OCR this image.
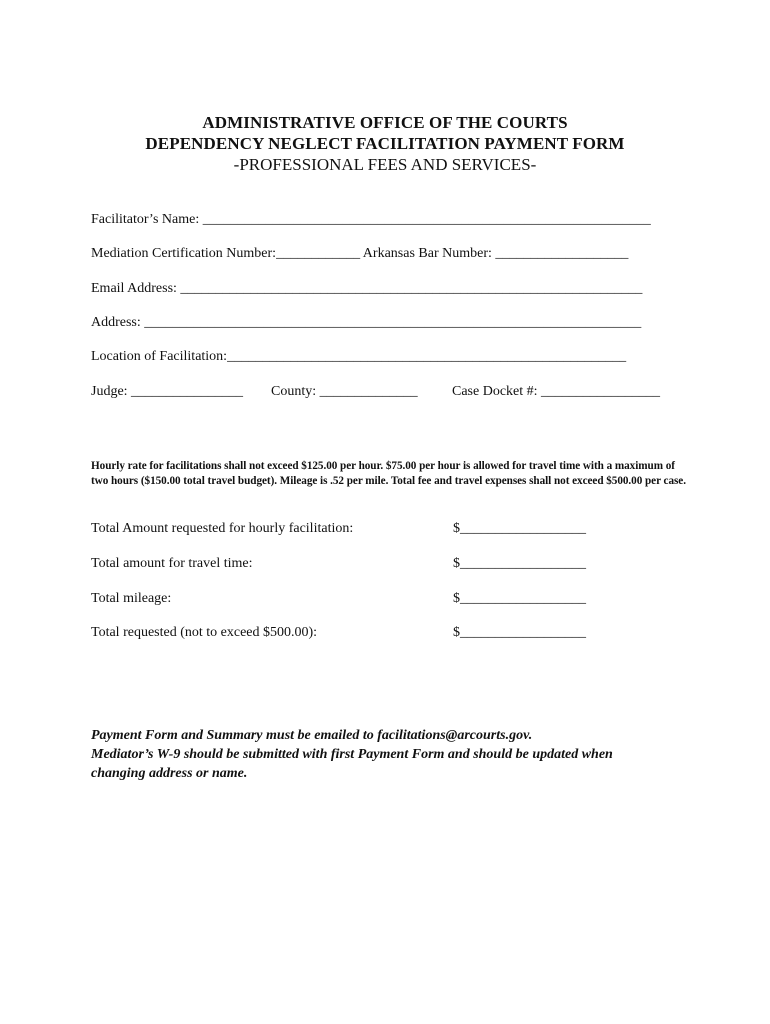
ADMINISTRATIVE OFFICE OF THE COURTS
DEPENDENCY NEGLECT FACILITATION PAYMENT FORM
-PROFESSIONAL FEES AND SERVICES-
Facilitator’s Name: ________________________________________________________________
Mediation Certification Number:____________ Arkansas Bar Number: ___________________
Email Address: __________________________________________________________________
Address: _______________________________________________________________________
Location of Facilitation:_________________________________________________________
Judge: ________________ County: ______________ Case Docket #: _________________
Hourly rate for facilitations shall not exceed $125.00 per hour. $75.00 per hour is allowed for travel time with a maximum of two hours ($150.00 total travel budget). Mileage is .52 per mile. Total fee and travel expenses shall not exceed $500.00 per case.
Total Amount requested for hourly facilitation:	$__________________
Total amount for travel time:	$__________________
Total mileage:	$__________________
Total requested (not to exceed $500.00):	$__________________
Payment Form and Summary must be emailed to facilitations@arcourts.gov.
Mediator’s W-9 should be submitted with first Payment Form and should be updated when
changing address or name.
